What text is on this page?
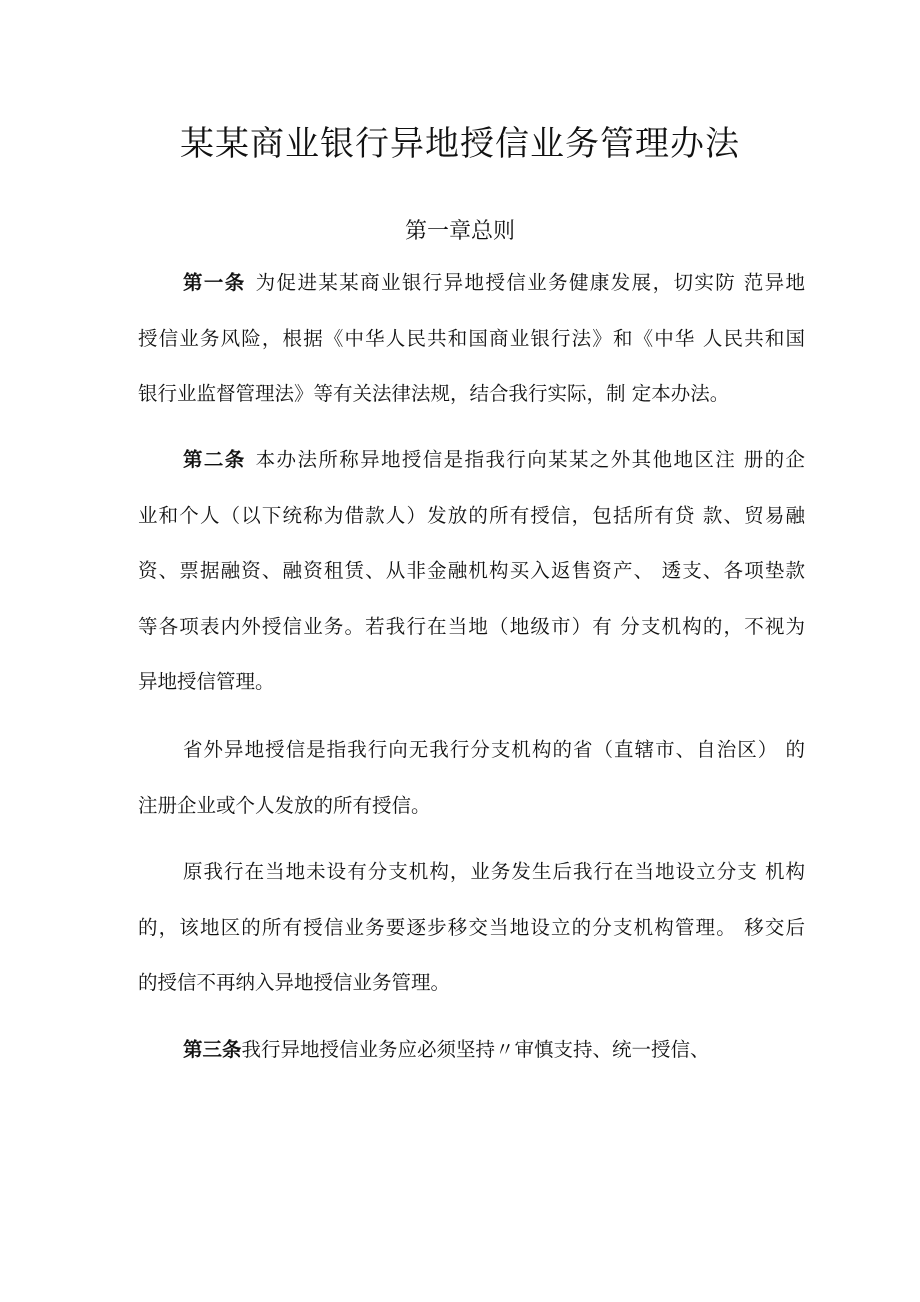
某某商业银行异地授信业务管理办法
第一章总则
第一条 为促进某某商业银行异地授信业务健康发展，切实防 范异地
授信业务风险，根据《中华人民共和国商业银行法》和《中华 人民共和国
银行业监督管理法》等有关法律法规，结合我行实际，制 定本办法。
第二条 本办法所称异地授信是指我行向某某之外其他地区注 册的企
业和个人（以下统称为借款人）发放的所有授信，包括所有贷 款、贸易融
资、票据融资、融资租赁、从非金融机构买入返售资产、 透支、各项垫款
等各项表内外授信业务。若我行在当地（地级市）有 分支机构的，不视为
异地授信管理。
省外异地授信是指我行向无我行分支机构的省（直辖市、自治区） 的
注册企业或个人发放的所有授信。
原我行在当地未设有分支机构，业务发生后我行在当地设立分支 机构
的，该地区的所有授信业务要逐步移交当地设立的分支机构管理。 移交后
的授信不再纳入异地授信业务管理。
第三条我行异地授信业务应必须坚持〃审慎支持、统一授信、
